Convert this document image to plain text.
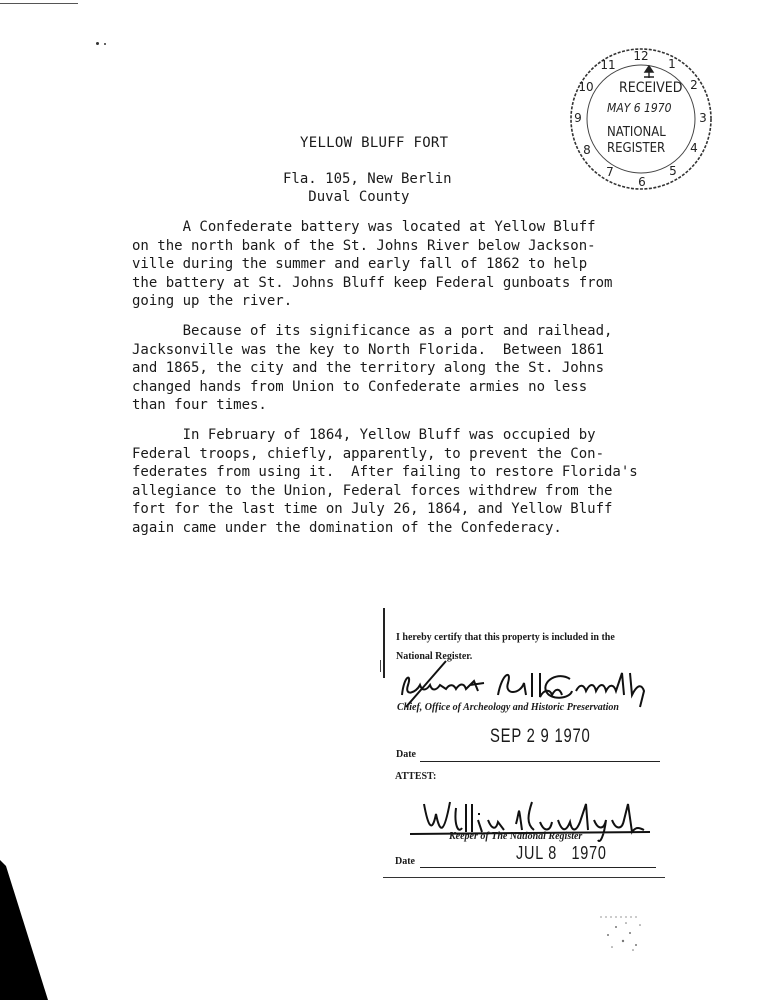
12
1
2
3
4
5
6
7
8
9
10
11
RECEIVED
MAY 6 1970
NATIONAL
REGISTER
YELLOW BLUFF FORT
Fla. 105, New Berlin
Duval County

A Confederate battery was located at Yellow Bluff
on the north bank of the St. Johns River below Jackson-
ville during the summer and early fall of 1862 to help
the battery at St. Johns Bluff keep Federal gunboats from
going up the river.

Because of its significance as a port and railhead,
Jacksonville was the key to North Florida.  Between 1861
and 1865, the city and the territory along the St. Johns
changed hands from Union to Confederate armies no less
than four times.

In February of 1864, Yellow Bluff was occupied by
Federal troops, chiefly, apparently, to prevent the Con-
federates from using it.  After failing to restore Florida's
allegiance to the Union, Federal forces withdrew from the
fort for the last time on July 26, 1864, and Yellow Bluff
again came under the domination of the Confederacy.

I hereby certify that this property is included in the
National Register.
Chief, Office of Archeology and Historic Preservation
SEP 2 9 1970
Date
ATTEST:
Keeper of The National Register
JUL 8   1970
Date
